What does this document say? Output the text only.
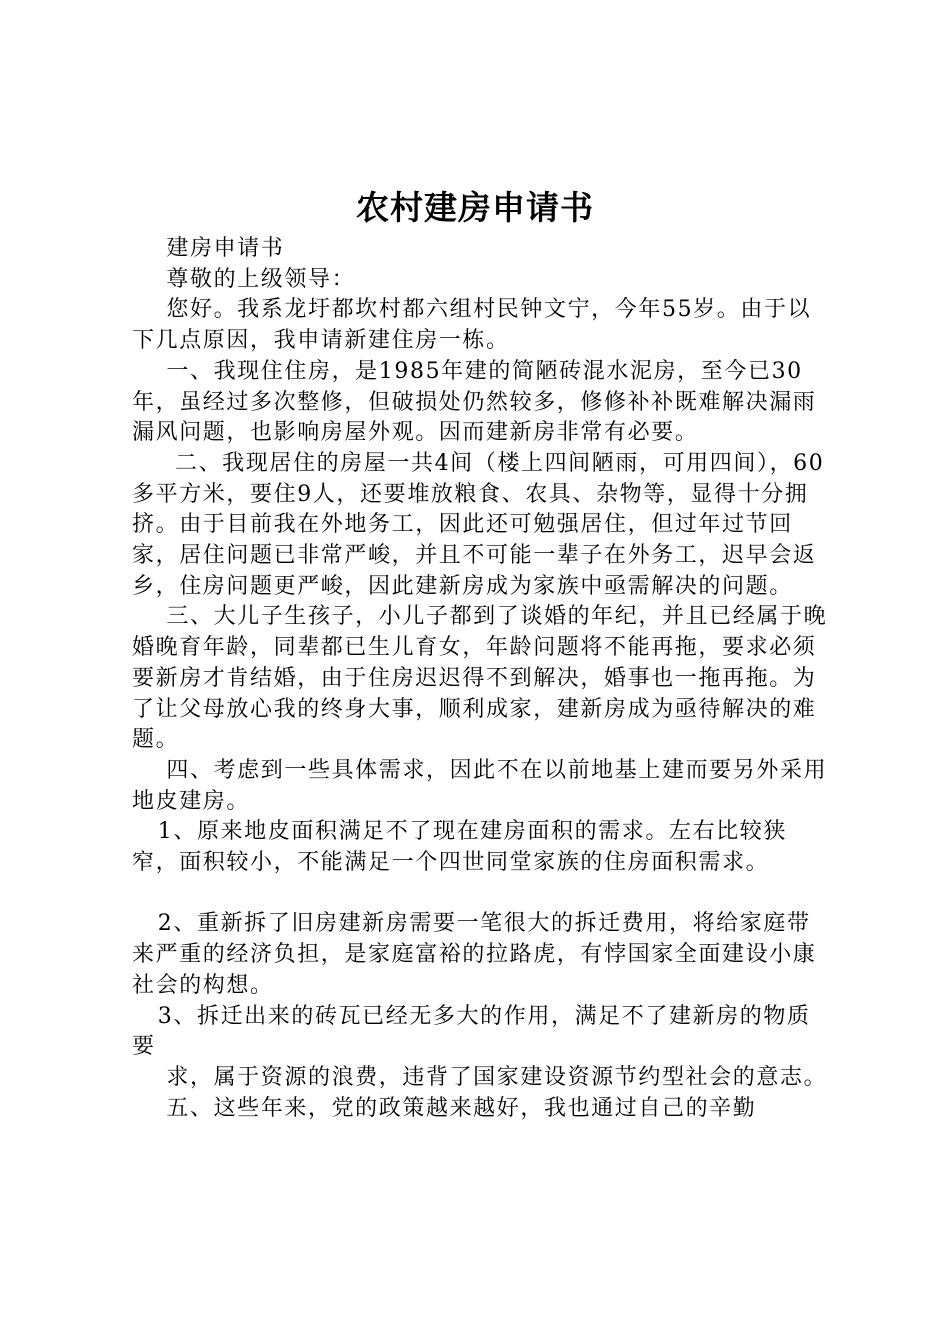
农村建房申请书

建房申请书

尊敬的上级领导：

您好。我系龙圩都坎村都六组村民钟文宁，今年55岁。由于以下几点原因，我申请新建住房一栋。

一、我现住住房，是1985年建的简陋砖混水泥房，至今已30年，虽经过多次整修，但破损处仍然较多，修修补补既难解决漏雨漏风问题，也影响房屋外观。因而建新房非常有必要。

二、我现居住的房屋一共4间（楼上四间陋雨，可用四间），60多平方米，要住9人，还要堆放粮食、农具、杂物等，显得十分拥挤。由于目前我在外地务工，因此还可勉强居住，但过年过节回家，居住问题已非常严峻，并且不可能一辈子在外务工，迟早会返乡，住房问题更严峻，因此建新房成为家族中亟需解决的问题。

三、大儿子生孩子，小儿子都到了谈婚的年纪，并且已经属于晚婚晚育年龄，同辈都已生儿育女，年龄问题将不能再拖，要求必须要新房才肯结婚，由于住房迟迟得不到解决，婚事也一拖再拖。为了让父母放心我的终身大事，顺利成家，建新房成为亟待解决的难题。

四、考虑到一些具体需求，因此不在以前地基上建而要另外采用地皮建房。

1、原来地皮面积满足不了现在建房面积的需求。左右比较狭窄，面积较小，不能满足一个四世同堂家族的住房面积需求。

2、重新拆了旧房建新房需要一笔很大的拆迁费用，将给家庭带来严重的经济负担，是家庭富裕的拉路虎，有悖国家全面建设小康社会的构想。

3、拆迁出来的砖瓦已经无多大的作用，满足不了建新房的物质要

求，属于资源的浪费，违背了国家建设资源节约型社会的意志。

五、这些年来，党的政策越来越好，我也通过自己的辛勤
